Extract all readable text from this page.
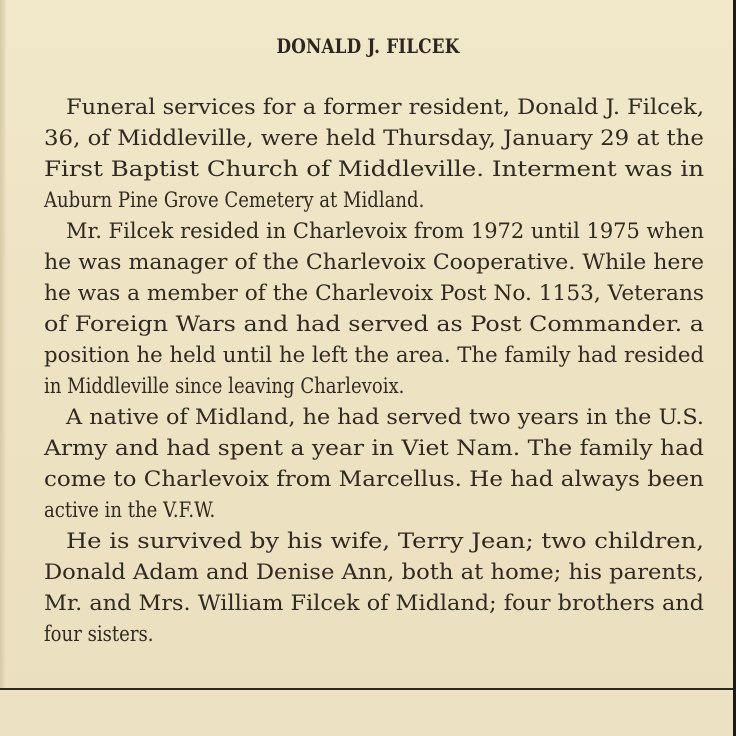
DONALD J. FILCEK
Funeral services for a former resident, Donald J. Filcek,
36, of Middleville, were held Thursday, January 29 at the
First Baptist Church of Middleville. Interment was in
Auburn Pine Grove Cemetery at Midland.
Mr. Filcek resided in Charlevoix from 1972 until 1975 when
he was manager of the Charlevoix Cooperative. While here
he was a member of the Charlevoix Post No. 1153, Veterans
of Foreign Wars and had served as Post Commander. a
position he held until he left the area. The family had resided
in Middleville since leaving Charlevoix.
A native of Midland, he had served two years in the U.S.
Army and had spent a year in Viet Nam. The family had
come to Charlevoix from Marcellus. He had always been
active in the V.F.W.
He is survived by his wife, Terry Jean; two children,
Donald Adam and Denise Ann, both at home; his parents,
Mr. and Mrs. William Filcek of Midland; four brothers and
four sisters.
